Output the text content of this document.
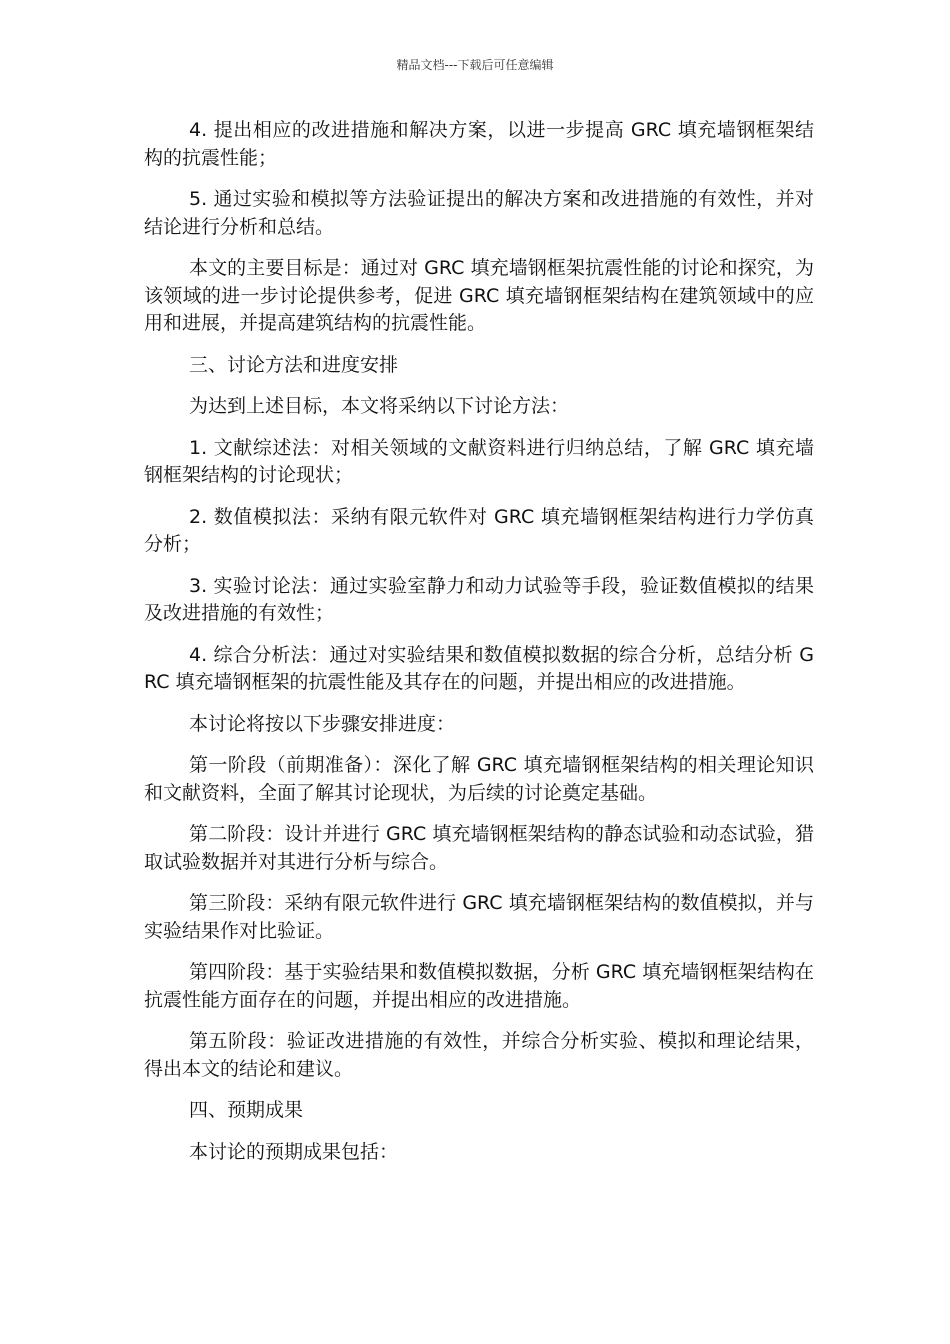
精品文档---下载后可任意编辑

4. 提出相应的改进措施和解决方案，以进一步提高 GRC 填充墙钢框架结构的抗震性能；

5. 通过实验和模拟等方法验证提出的解决方案和改进措施的有效性，并对结论进行分析和总结。

本文的主要目标是：通过对 GRC 填充墙钢框架抗震性能的讨论和探究，为该领域的进一步讨论提供参考，促进 GRC 填充墙钢框架结构在建筑领域中的应用和进展，并提高建筑结构的抗震性能。

三、讨论方法和进度安排

为达到上述目标，本文将采纳以下讨论方法：

1. 文献综述法：对相关领域的文献资料进行归纳总结，了解 GRC 填充墙钢框架结构的讨论现状；

2. 数值模拟法：采纳有限元软件对 GRC 填充墙钢框架结构进行力学仿真分析；

3. 实验讨论法：通过实验室静力和动力试验等手段，验证数值模拟的结果及改进措施的有效性；

4. 综合分析法：通过对实验结果和数值模拟数据的综合分析，总结分析 GRC 填充墙钢框架的抗震性能及其存在的问题，并提出相应的改进措施。

本讨论将按以下步骤安排进度：

第一阶段（前期准备）：深化了解 GRC 填充墙钢框架结构的相关理论知识和文献资料，全面了解其讨论现状，为后续的讨论奠定基础。

第二阶段：设计并进行 GRC 填充墙钢框架结构的静态试验和动态试验，猎取试验数据并对其进行分析与综合。

第三阶段：采纳有限元软件进行 GRC 填充墙钢框架结构的数值模拟，并与实验结果作对比验证。

第四阶段：基于实验结果和数值模拟数据，分析 GRC 填充墙钢框架结构在抗震性能方面存在的问题，并提出相应的改进措施。

第五阶段：验证改进措施的有效性，并综合分析实验、模拟和理论结果，得出本文的结论和建议。

四、预期成果

本讨论的预期成果包括：
